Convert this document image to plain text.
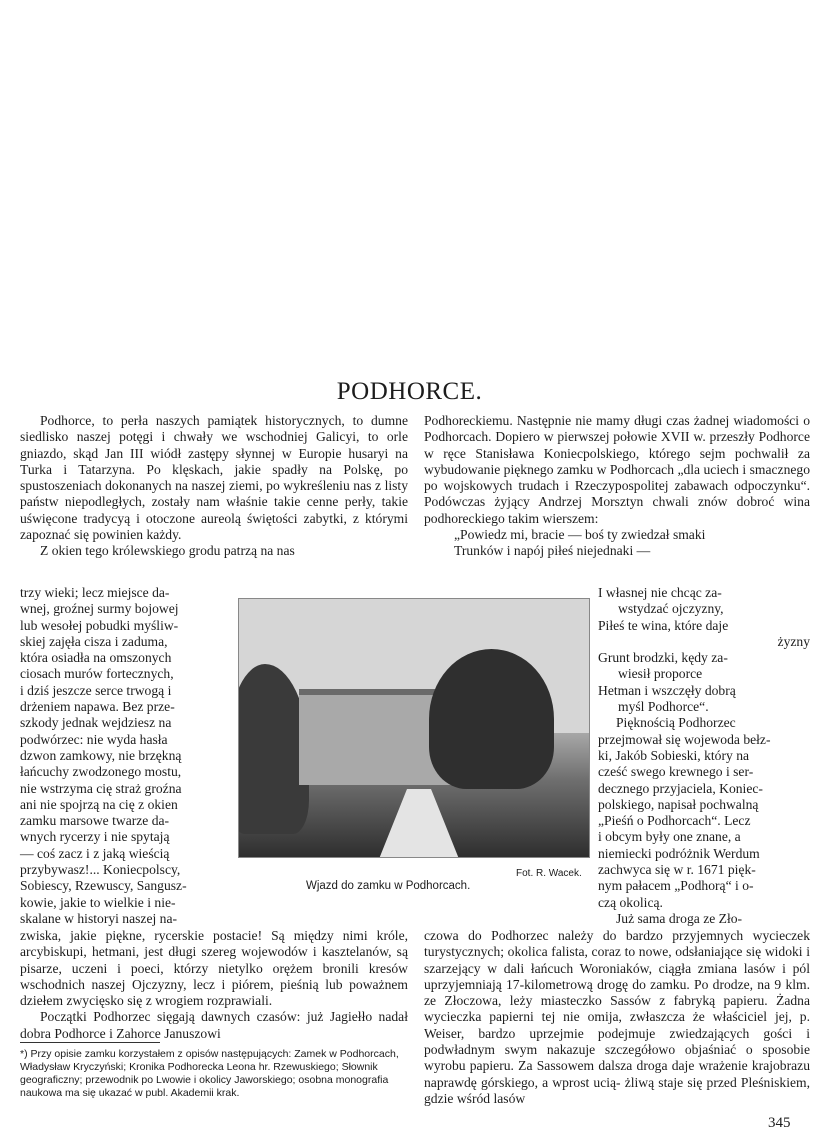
PODHORCE.

Podhorce, to perła naszych pamiątek historycznych, to dumne siedlisko naszej potęgi i chwały we wschodniej Galicyi, to orle gniazdo, skąd Jan III wiódł zastępy słynnej w Europie husaryi na Turka i Tatarzyna. Po klęskach, jakie spadły na Polskę, po spustoszeniach dokonanych na naszej ziemi, po wykreśleniu nas z listy państw niepodległych, zostały nam właśnie takie cenne perły, takie uświęcone tradycyą i otoczone aureolą świętości zabytki, z którymi zapoznać się powinien każdy.

Z okien tego królewskiego grodu patrzą na nas

trzy wieki; lecz miejsce da-
wnej, groźnej surmy bojowej
lub wesołej pobudki myśliw-
skiej zajęła cisza i zaduma,
która osiadła na omszonych
ciosach murów fortecznych,
i dziś jeszcze serce trwogą i
drżeniem napawa. Bez prze-
szkody jednak wejdziesz na
podwórzec: nie wyda hasła
dzwon zamkowy, nie brzękną
łańcuchy zwodzonego mostu,
nie wstrzyma cię straż groźna
ani nie spojrzą na cię z okien
zamku marsowe twarze da-
wnych rycerzy i nie spytają
— coś zacz i z jaką wieścią
przybywasz!... Koniecpolscy,
Sobiescy, Rzewuscy, Sangusz-
kowie, jakie to wielkie i nie-
skalane w historyi naszej na-

zwiska, jakie piękne, rycerskie postacie! Są między nimi króle, arcybiskupi, hetmani, jest długi szereg wojewodów i kasztelanów, są pisarze, uczeni i poeci, którzy nietylko orężem bronili kresów wschodnich naszej Ojczyzny, lecz i piórem, pieśnią lub poważnem dziełem zwycięsko się z wrogiem rozprawiali.

Początki Podhorzec sięgają dawnych czasów: już Jagiełło nadał dobra Podhorce i Zahorce Januszowi

Podhoreckiemu. Następnie nie mamy długi czas żadnej wiadomości o Podhorcach. Dopiero w pierwszej połowie XVII w. przeszły Podhorce w ręce Stanisława Koniecpolskiego, którego sejm pochwalił za wybudowanie pięknego zamku w Podhorcach „dla uciech i smacznego po wojskowych trudach i Rzeczypospolitej zabawach odpoczynku“. Podówczas żyjący Andrzej Morsztyn chwali znów dobroć wina podhoreckiego takim wierszem:

„Powiedz mi, bracie — boś ty zwiedzał smaki

Trunków i napój piłeś niejednaki —

I własnej nie chcąc za-
wstydzać ojczyzny,
Piłeś te wina, które daje
żyzny
Grunt brodzki, kędy za-
wiesił proporce
Hetman i wszczęły dobrą
myśl Podhorce“.
Pięknością Podhorzec
przejmował się wojewoda bełz-
ki, Jakób Sobieski, który na
cześć swego krewnego i ser-
decznego przyjaciela, Koniec-
polskiego, napisał pochwalną
„Pieśń o Podhorcach“. Lecz
i obcym były one znane, a
niemiecki podróżnik Werdum
zachwyca się w r. 1671 pięk-
nym pałacem „Podhorą“ i o-
czą okolicą.
Już sama droga ze Zło-

czowa do Podhorzec należy do bardzo przyjemnych wycieczek turystycznych; okolica falista, coraz to nowe, odsłaniające się widoki i szarzejący w dali łańcuch Woroniaków, ciągła zmiana lasów i pól uprzyjemniają 17-kilometrową drogę do zamku. Po drodze, na 9 klm. ze Złoczowa, leży miasteczko Sassów z fabryką papieru. Żadna wycieczka papierni tej nie omija, zwłaszcza że właściciel jej, p. Weiser, bardzo uprzejmie podejmuje zwiedzających gości i podwładnym swym nakazuje szczegółowo objaśniać o sposobie wyrobu papieru. Za Sassowem dalsza droga daje wrażenie krajobrazu naprawdę górskiego, a wprost ucią- żliwą staje się przed Pleśniskiem, gdzie wśród lasów

Fot. R. Wacek.
Wjazd do zamku w Podhorcach.
*) Przy opisie zamku korzystałem z opisów następujących: Zamek w Podhorcach, Władysław Kryczyński; Kronika Podhorecka Leona hr. Rzewuskiego; Słownik geograficzny; przewodnik po Lwowie i okolicy Jaworskiego; osobna monografia naukowa ma się ukazać w publ. Akademii krak.
345
